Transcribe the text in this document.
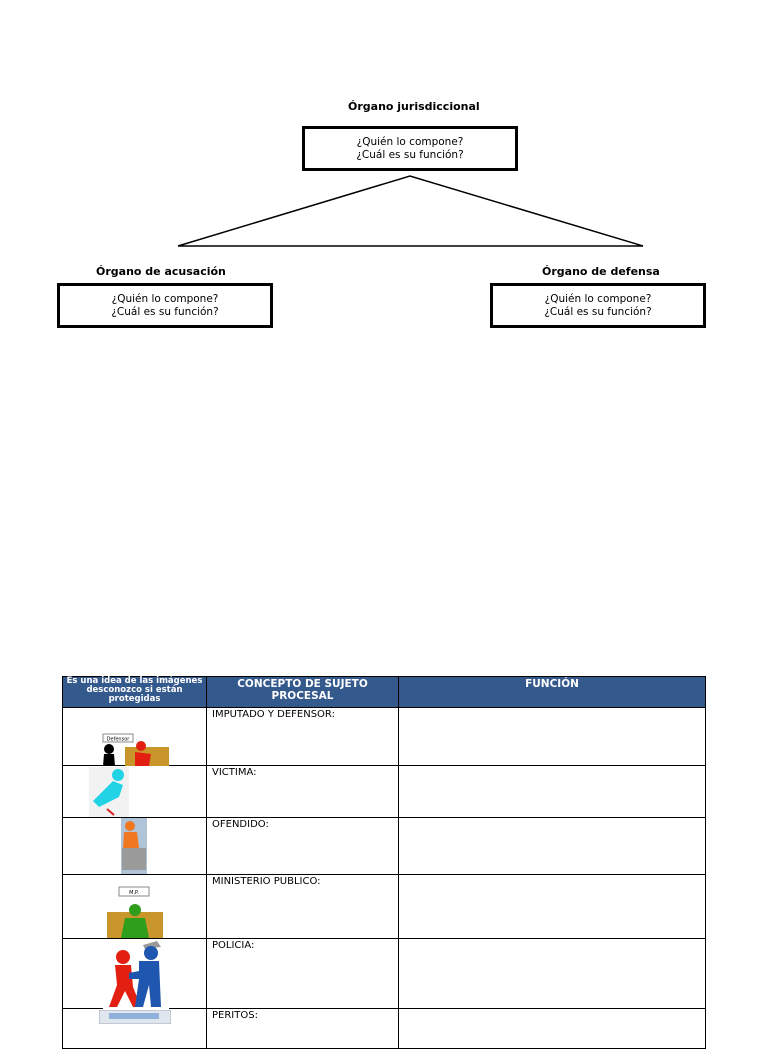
Órgano jurisdiccional
¿Quién lo compone?
¿Cuál es su función?
Órgano de acusación
¿Quién lo compone?
¿Cuál es su función?
Órgano de defensa
¿Quién lo compone?
¿Cuál es su función?
Es una idea de las imágenes desconozco si están protegidas	CONCEPTO DE SUJETO PROCESAL	FUNCIÓN

Defensor	IMPUTADO Y DEFENSOR:	

VICTIMA:	

OFENDIDO:	

M.P.	MINISTERIO PUBLICO:	

POLICIA:	

PERITOS:	
